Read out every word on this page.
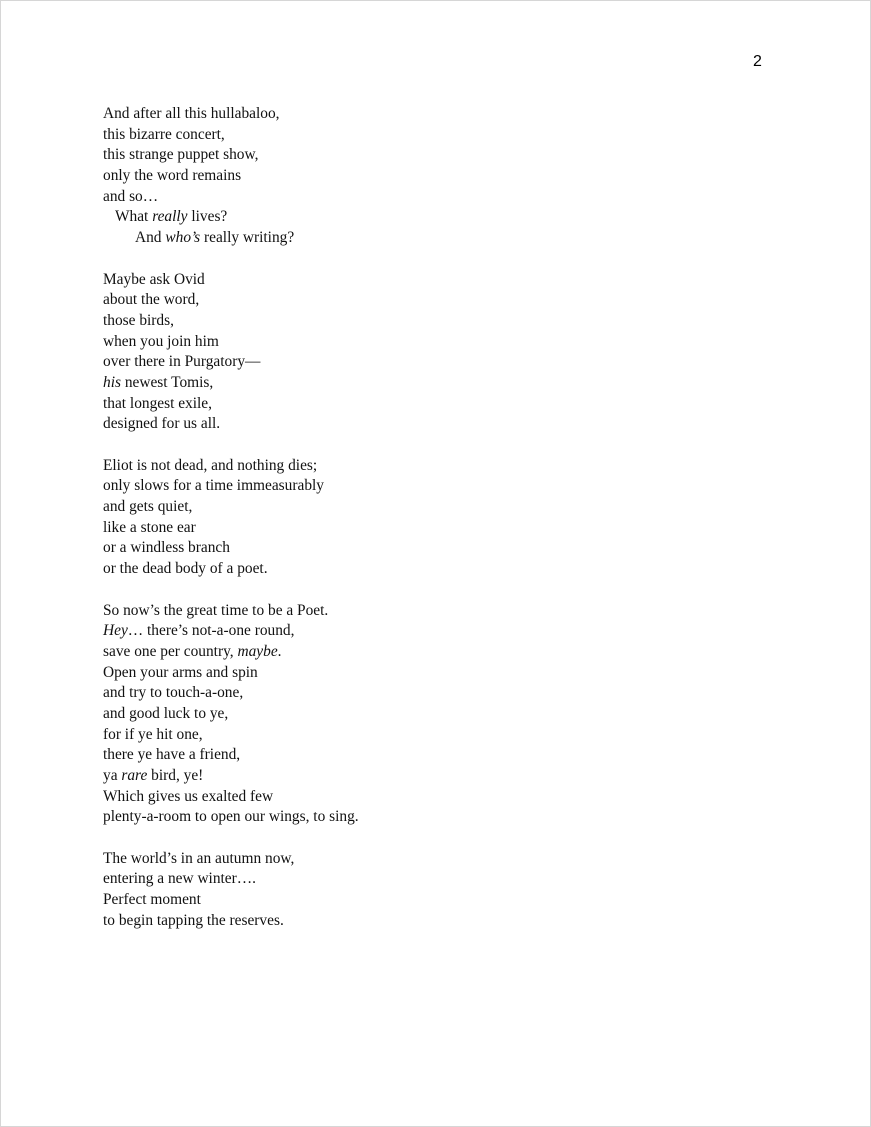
2
And after all this hullabaloo,
this bizarre concert,
this strange puppet show,
only the word remains
and so…
What really lives?
And who’s really writing?
Maybe ask Ovid
about the word,
those birds,
when you join him
over there in Purgatory—
his newest Tomis,
that longest exile,
designed for us all.
Eliot is not dead, and nothing dies;
only slows for a time immeasurably
and gets quiet,
like a stone ear
or a windless branch
or the dead body of a poet.
So now’s the great time to be a Poet.
Hey… there’s not-a-one round,
save one per country, maybe.
Open your arms and spin
and try to touch-a-one,
and good luck to ye,
for if ye hit one,
there ye have a friend,
ya rare bird, ye!
Which gives us exalted few
plenty-a-room to open our wings, to sing.
The world’s in an autumn now,
entering a new winter….
Perfect moment
to begin tapping the reserves.
